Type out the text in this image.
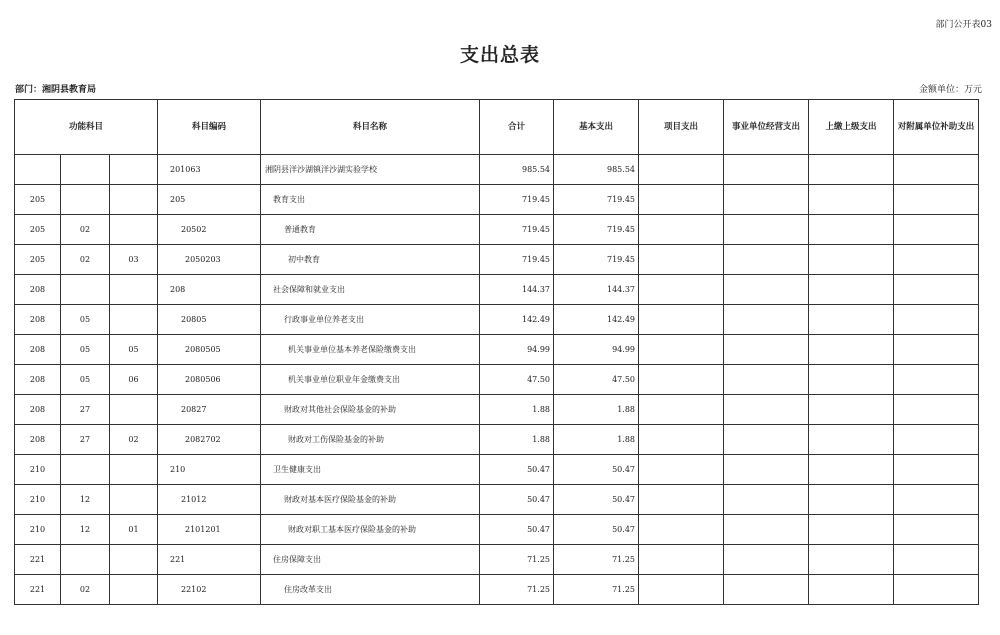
部门公开表03
支出总表
部门：湘阴县教育局	金额单位：万元
功能科目			科目编码	科目名称	合计	基本支出	项目支出	事业单位经营支出	上缴上级支出	对附属单位补助支出
			201063	湘阴县洋沙湖镇洋沙湖实验学校	985.54	985.54				
205			205	教育支出	719.45	719.45				
205	02		20502	普通教育	719.45	719.45				
205	02	03	2050203	初中教育	719.45	719.45				
208			208	社会保障和就业支出	144.37	144.37				
208	05		20805	行政事业单位养老支出	142.49	142.49				
208	05	05	2080505	机关事业单位基本养老保险缴费支出	94.99	94.99				
208	05	06	2080506	机关事业单位职业年金缴费支出	47.50	47.50				
208	27		20827	财政对其他社会保险基金的补助	1.88	1.88				
208	27	02	2082702	财政对工伤保险基金的补助	1.88	1.88				
210			210	卫生健康支出	50.47	50.47				
210	12		21012	财政对基本医疗保险基金的补助	50.47	50.47				
210	12	01	2101201	财政对职工基本医疗保险基金的补助	50.47	50.47				
221			221	住房保障支出	71.25	71.25				
221	02		22102	住房改革支出	71.25	71.25				
